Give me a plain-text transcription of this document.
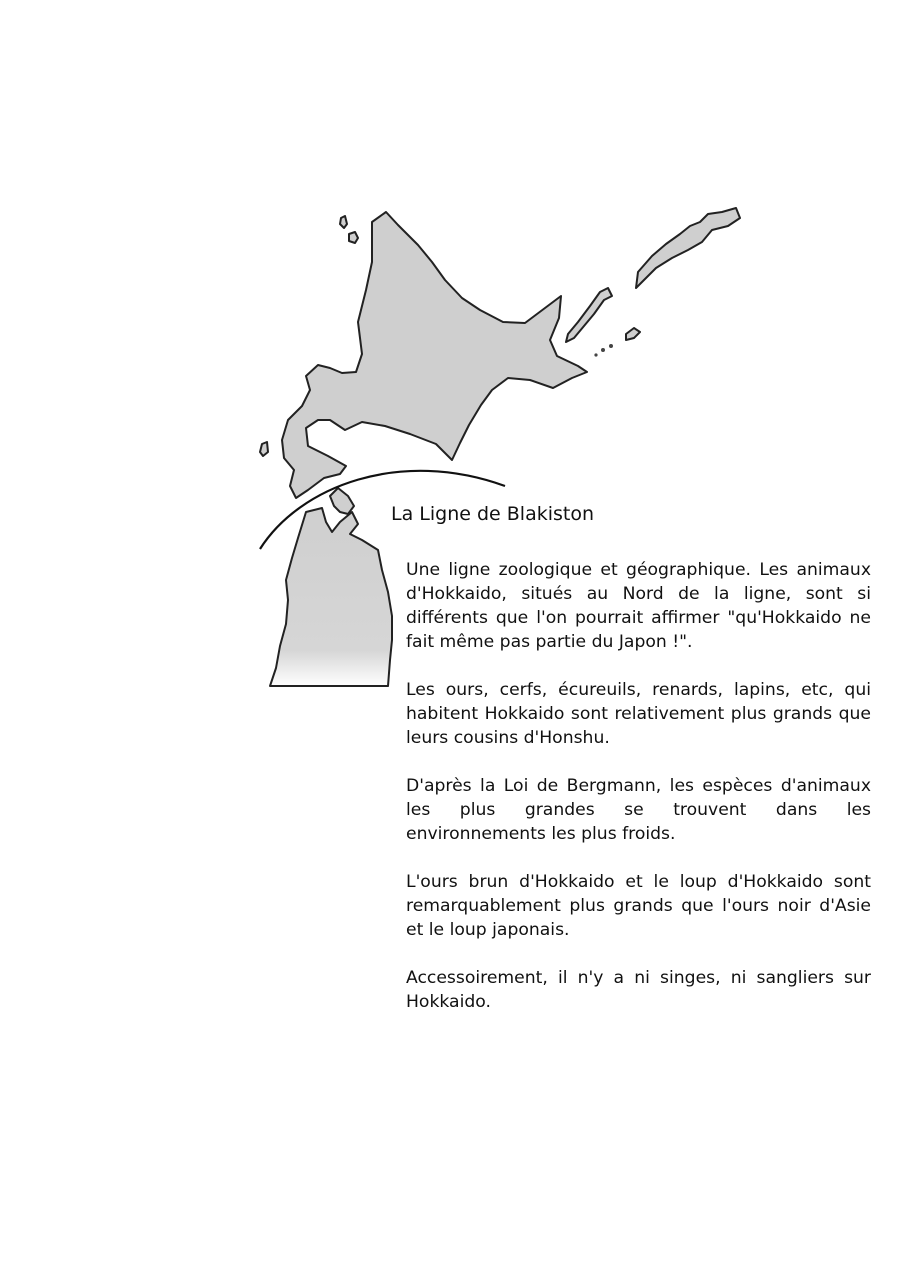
La Ligne de Blakiston

Une ligne zoologique et géographique. Les animaux d'Hokkaido, situés au Nord de la ligne, sont si différents que l'on pourrait affirmer "qu'Hokkaido ne fait même pas partie du Japon !".

Les ours, cerfs, écureuils, renards, lapins, etc, qui habitent Hokkaido sont relativement plus grands que leurs cousins d'Honshu.

D'après la Loi de Bergmann, les espèces d'animaux les plus grandes se trouvent dans les environnements les plus froids.

L'ours brun d'Hokkaido et le loup d'Hokkaido sont remarquablement plus grands que l'ours noir d'Asie et le loup japonais.

Accessoirement, il n'y a ni singes, ni sangliers sur Hokkaido.
